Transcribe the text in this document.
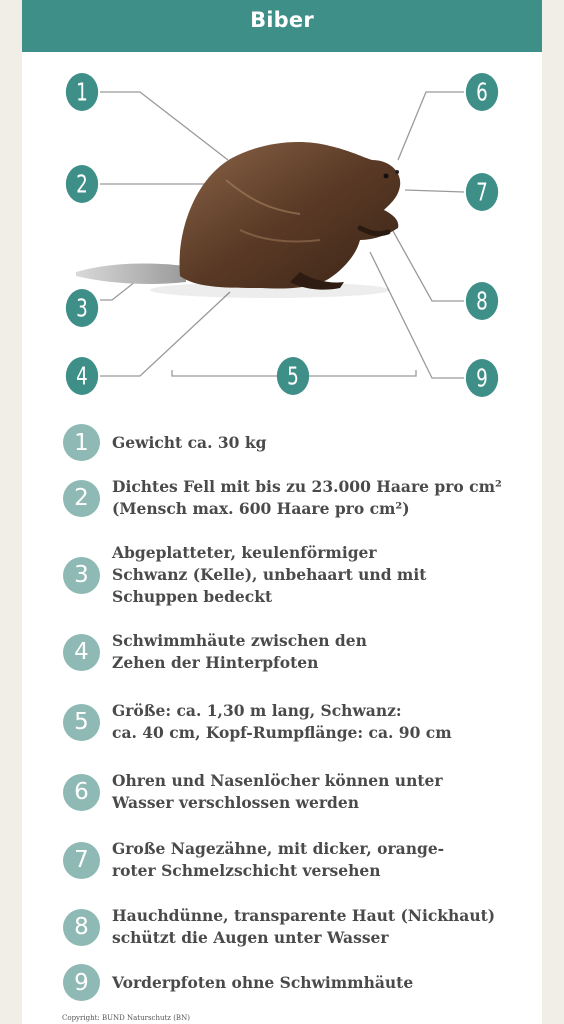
Biber
1
2
3
4	5
6
7
8
9
1	Gewicht ca. 30 kg
2	Dichtes Fell mit bis zu 23.000 Haare pro cm²
(Mensch max. 600 Haare pro cm²)
3
Abgeplatteter, keulenförmiger
Schwanz (Kelle), unbehaart und mit
Schuppen bedeckt
4	Schwimmhäute zwischen den
Zehen der Hinterpfoten
5	Größe: ca. 1,30 m lang, Schwanz:
ca. 40 cm, Kopf-Rumpflänge: ca. 90 cm
6	Ohren und Nasenlöcher können unter
Wasser verschlossen werden
7	Große Nagezähne, mit dicker, orange-
roter Schmelzschicht versehen
8	Hauchdünne, transparente Haut (Nickhaut)
schützt die Augen unter Wasser
9	Vorderpfoten ohne Schwimmhäute
Copyright: BUND Naturschutz (BN)
